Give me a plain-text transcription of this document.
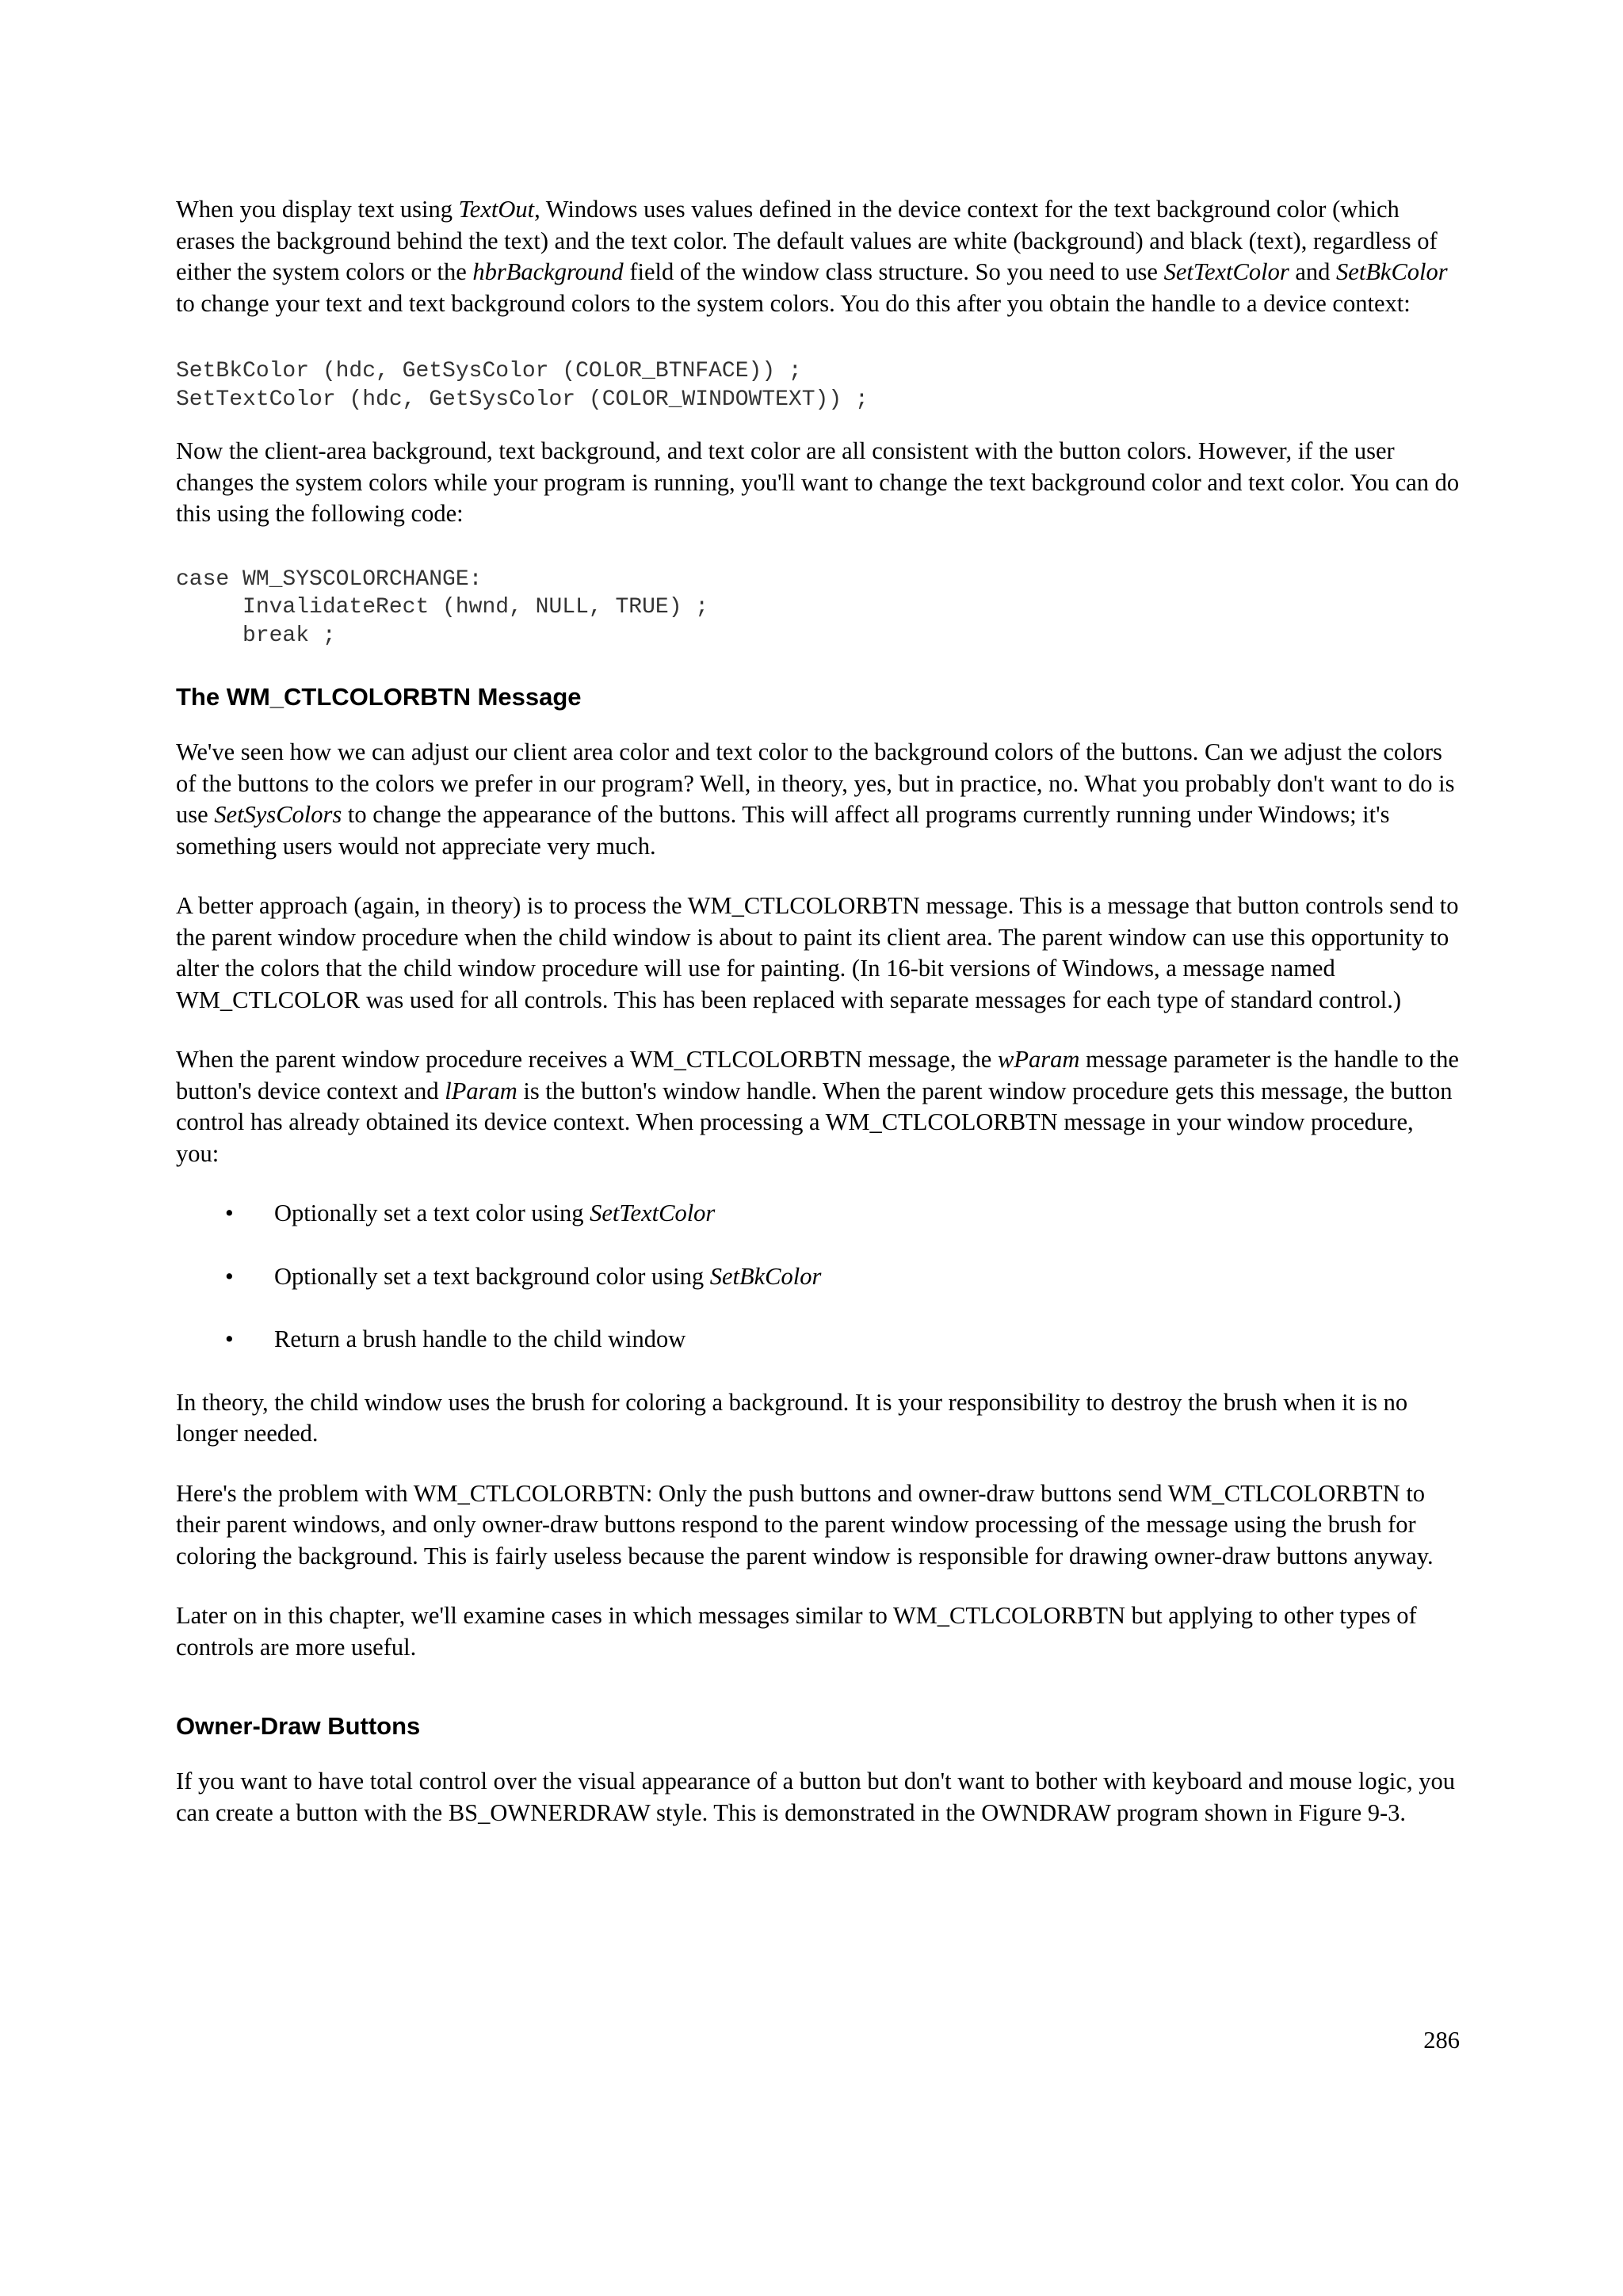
When you display text using TextOut, Windows uses values defined in the device context for the text background color (which erases the background behind the text) and the text color. The default values are white (background) and black (text), regardless of either the system colors or the hbrBackground field of the window class structure. So you need to use SetTextColor and SetBkColor to change your text and text background colors to the system colors. You do this after you obtain the handle to a device context:

SetBkColor (hdc, GetSysColor (COLOR_BTNFACE)) ;
SetTextColor (hdc, GetSysColor (COLOR_WINDOWTEXT)) ;

Now the client-area background, text background, and text color are all consistent with the button colors. However, if the user changes the system colors while your program is running, you'll want to change the text background color and text color. You can do this using the following code:

case WM_SYSCOLORCHANGE:
InvalidateRect (hwnd, NULL, TRUE) ;
break ;
The WM_CTLCOLORBTN Message

We've seen how we can adjust our client area color and text color to the background colors of the buttons. Can we adjust the colors of the buttons to the colors we prefer in our program? Well, in theory, yes, but in practice, no. What you probably don't want to do is use SetSysColors to change the appearance of the buttons. This will affect all programs currently running under Windows; it's something users would not appreciate very much.

A better approach (again, in theory) is to process the WM_CTLCOLORBTN message. This is a message that button controls send to the parent window procedure when the child window is about to paint its client area. The parent window can use this opportunity to alter the colors that the child window procedure will use for painting. (In 16-bit versions of Windows, a message named WM_CTLCOLOR was used for all controls. This has been replaced with separate messages for each type of standard control.)

When the parent window procedure receives a WM_CTLCOLORBTN message, the wParam message parameter is the handle to the button's device context and lParam is the button's window handle. When the parent window procedure gets this message, the button control has already obtained its device context. When processing a WM_CTLCOLORBTN message in your window procedure, you:

• Optionally set a text color using SetTextColor
• Optionally set a text background color using SetBkColor
• Return a brush handle to the child window

In theory, the child window uses the brush for coloring a background. It is your responsibility to destroy the brush when it is no longer needed.

Here's the problem with WM_CTLCOLORBTN: Only the push buttons and owner-draw buttons send WM_CTLCOLORBTN to their parent windows, and only owner-draw buttons respond to the parent window processing of the message using the brush for coloring the background. This is fairly useless because the parent window is responsible for drawing owner-draw buttons anyway.

Later on in this chapter, we'll examine cases in which messages similar to WM_CTLCOLORBTN but applying to other types of controls are more useful.

Owner-Draw Buttons

If you want to have total control over the visual appearance of a button but don't want to bother with keyboard and mouse logic, you can create a button with the BS_OWNERDRAW style. This is demonstrated in the OWNDRAW program shown in Figure 9-3.

286
